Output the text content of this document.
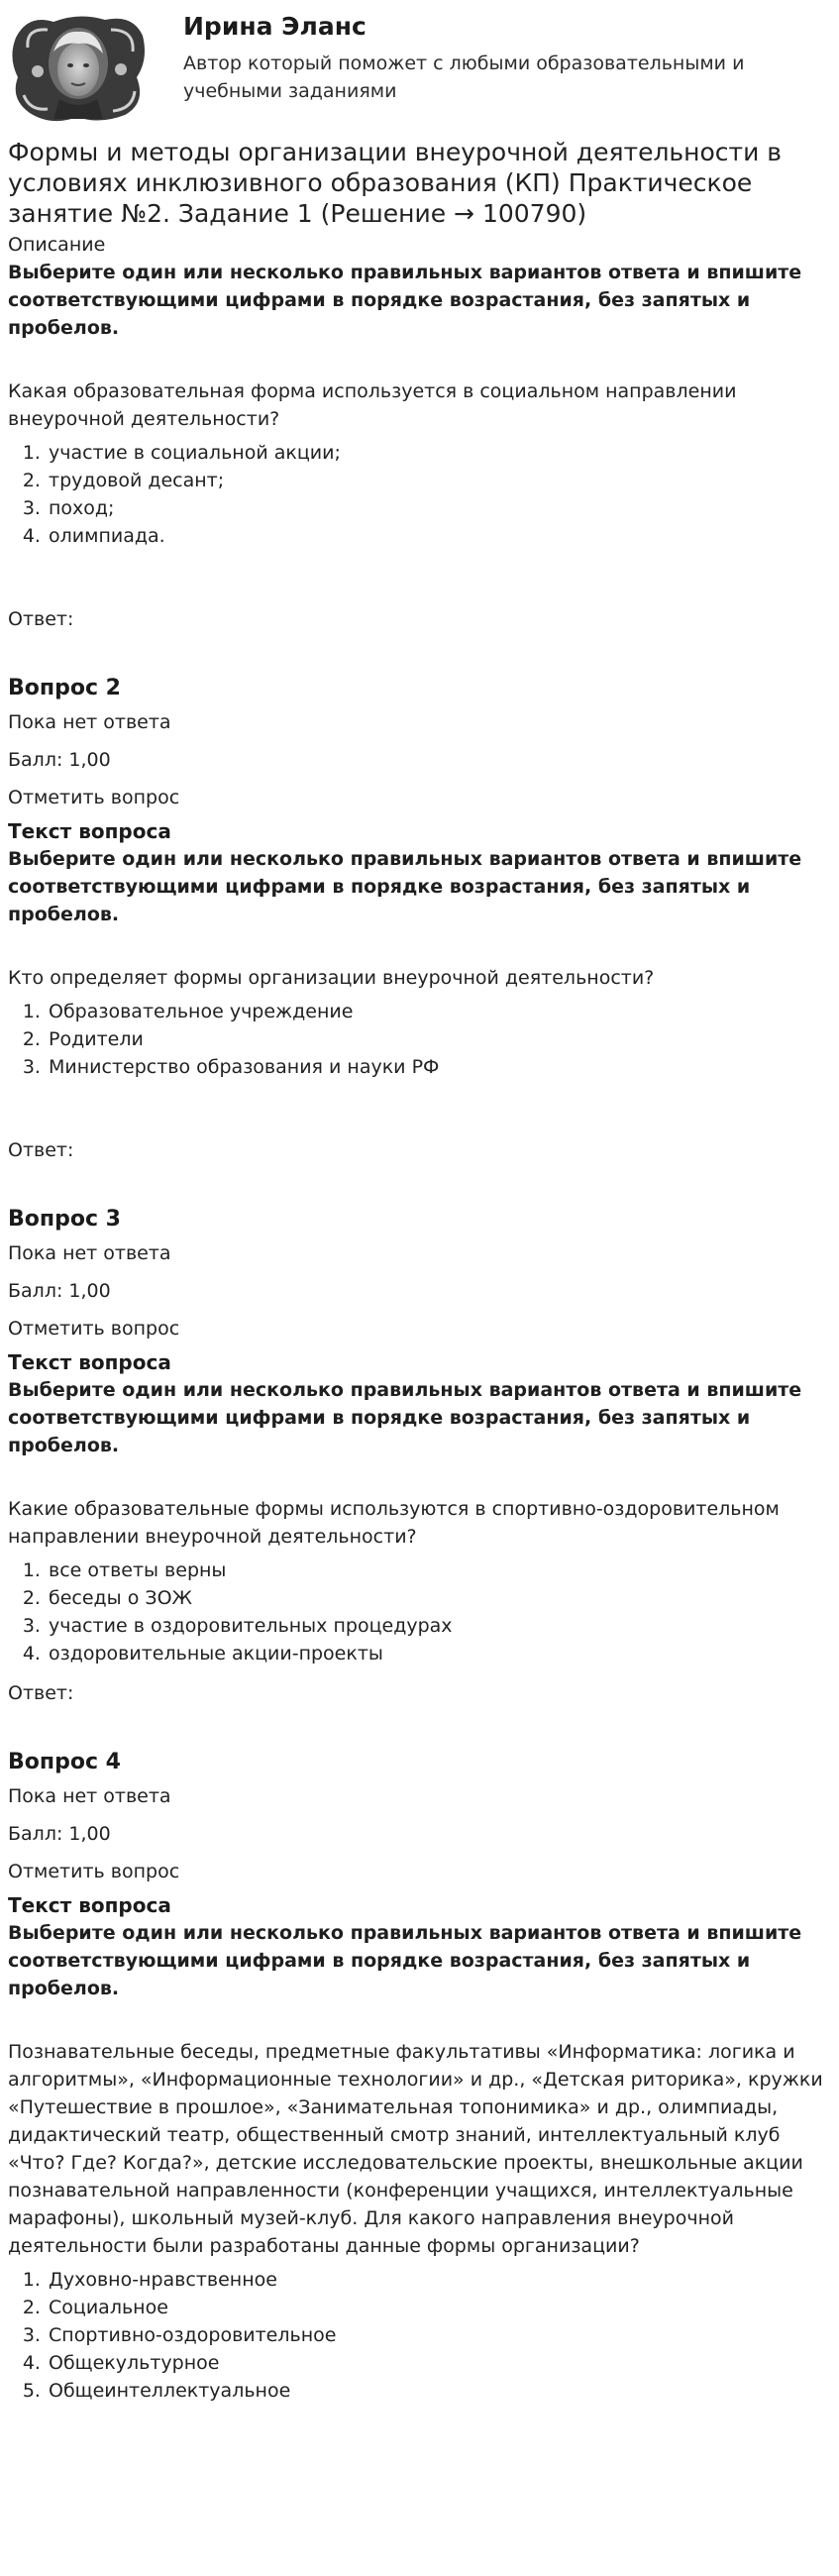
Ирина Эланс
Автор который поможет с любыми образовательными и учебными заданиями
Формы и методы организации внеурочной деятельности в условиях инклюзивного образования (КП) Практическое занятие №2. Задание 1 (Решение → 100790)
Описание
Выберите один или несколько правильных вариантов ответа и впишите соответствующими цифрами в порядке возрастания, без запятых и пробелов.
Какая образовательная форма используется в социальном направлении внеурочной деятельности?
1. участие в социальной акции;
2. трудовой десант;
3. поход;
4. олимпиада.
Ответ:
Вопрос 2
Пока нет ответа
Балл: 1,00
Отметить вопрос
Текст вопроса
Выберите один или несколько правильных вариантов ответа и впишите соответствующими цифрами в порядке возрастания, без запятых и пробелов.
Кто определяет формы организации внеурочной деятельности?
1. Образовательное учреждение
2. Родители
3. Министерство образования и науки РФ
Ответ:
Вопрос 3
Пока нет ответа
Балл: 1,00
Отметить вопрос
Текст вопроса
Выберите один или несколько правильных вариантов ответа и впишите соответствующими цифрами в порядке возрастания, без запятых и пробелов.
Какие образовательные формы используются в спортивно-оздоровительном направлении внеурочной деятельности?
1. все ответы верны
2. беседы о ЗОЖ
3. участие в оздоровительных процедурах
4. оздоровительные акции-проекты
Ответ:
Вопрос 4
Пока нет ответа
Балл: 1,00
Отметить вопрос
Текст вопроса
Выберите один или несколько правильных вариантов ответа и впишите соответствующими цифрами в порядке возрастания, без запятых и пробелов.
Познавательные беседы, предметные факультативы «Информатика: логика и алгоритмы», «Информационные технологии» и др., «Детская риторика», кружки «Путешествие в прошлое», «Занимательная топонимика» и др., олимпиады, дидактический театр, общественный смотр знаний, интеллектуальный клуб «Что? Где? Когда?», детские исследовательские проекты, внешкольные акции познавательной направленности (конференции учащихся, интеллектуальные марафоны), школьный музей-клуб. Для какого направления внеурочной деятельности были разработаны данные формы организации?
1. Духовно-нравственное
2. Социальное
3. Спортивно-оздоровительное
4. Общекультурное
5. Общеинтеллектуальное
